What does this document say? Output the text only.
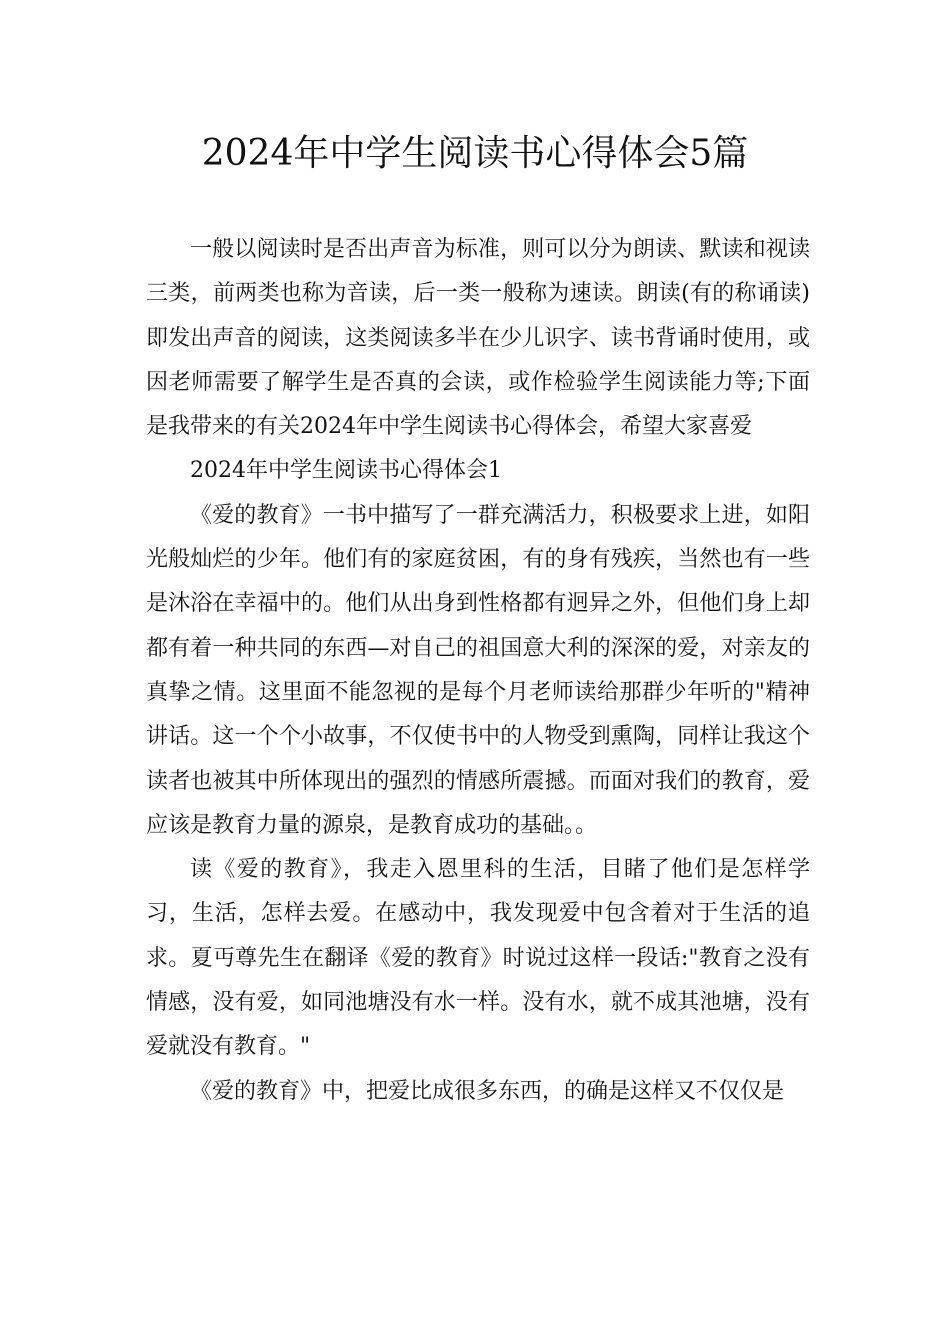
2024年中学生阅读书心得体会5篇

一般以阅读时是否出声音为标准，则可以分为朗读、默读和视读三类，前两类也称为音读，后一类一般称为速读。朗读(有的称诵读)即发出声音的阅读，这类阅读多半在少儿识字、读书背诵时使用，或因老师需要了解学生是否真的会读，或作检验学生阅读能力等;下面是我带来的有关2024年中学生阅读书心得体会，希望大家喜爱

2024年中学生阅读书心得体会1

《爱的教育》一书中描写了一群充满活力，积极要求上进，如阳光般灿烂的少年。他们有的家庭贫困，有的身有残疾，当然也有一些是沐浴在幸福中的。他们从出身到性格都有迥异之外，但他们身上却都有着一种共同的东西—对自己的祖国意大利的深深的爱，对亲友的真挚之情。这里面不能忽视的是每个月老师读给那群少年听的"精神讲话。这一个个小故事，不仅使书中的人物受到熏陶，同样让我这个读者也被其中所体现出的强烈的情感所震撼。而面对我们的教育，爱应该是教育力量的源泉，是教育成功的基础。。

读《爱的教育》，我走入恩里科的生活，目睹了他们是怎样学习，生活，怎样去爱。在感动中，我发现爱中包含着对于生活的追求。夏丏尊先生在翻译《爱的教育》时说过这样一段话:"教育之没有情感，没有爱，如同池塘没有水一样。没有水，就不成其池塘，没有爱就没有教育。"

《爱的教育》中，把爱比成很多东西，的确是这样又不仅仅是
